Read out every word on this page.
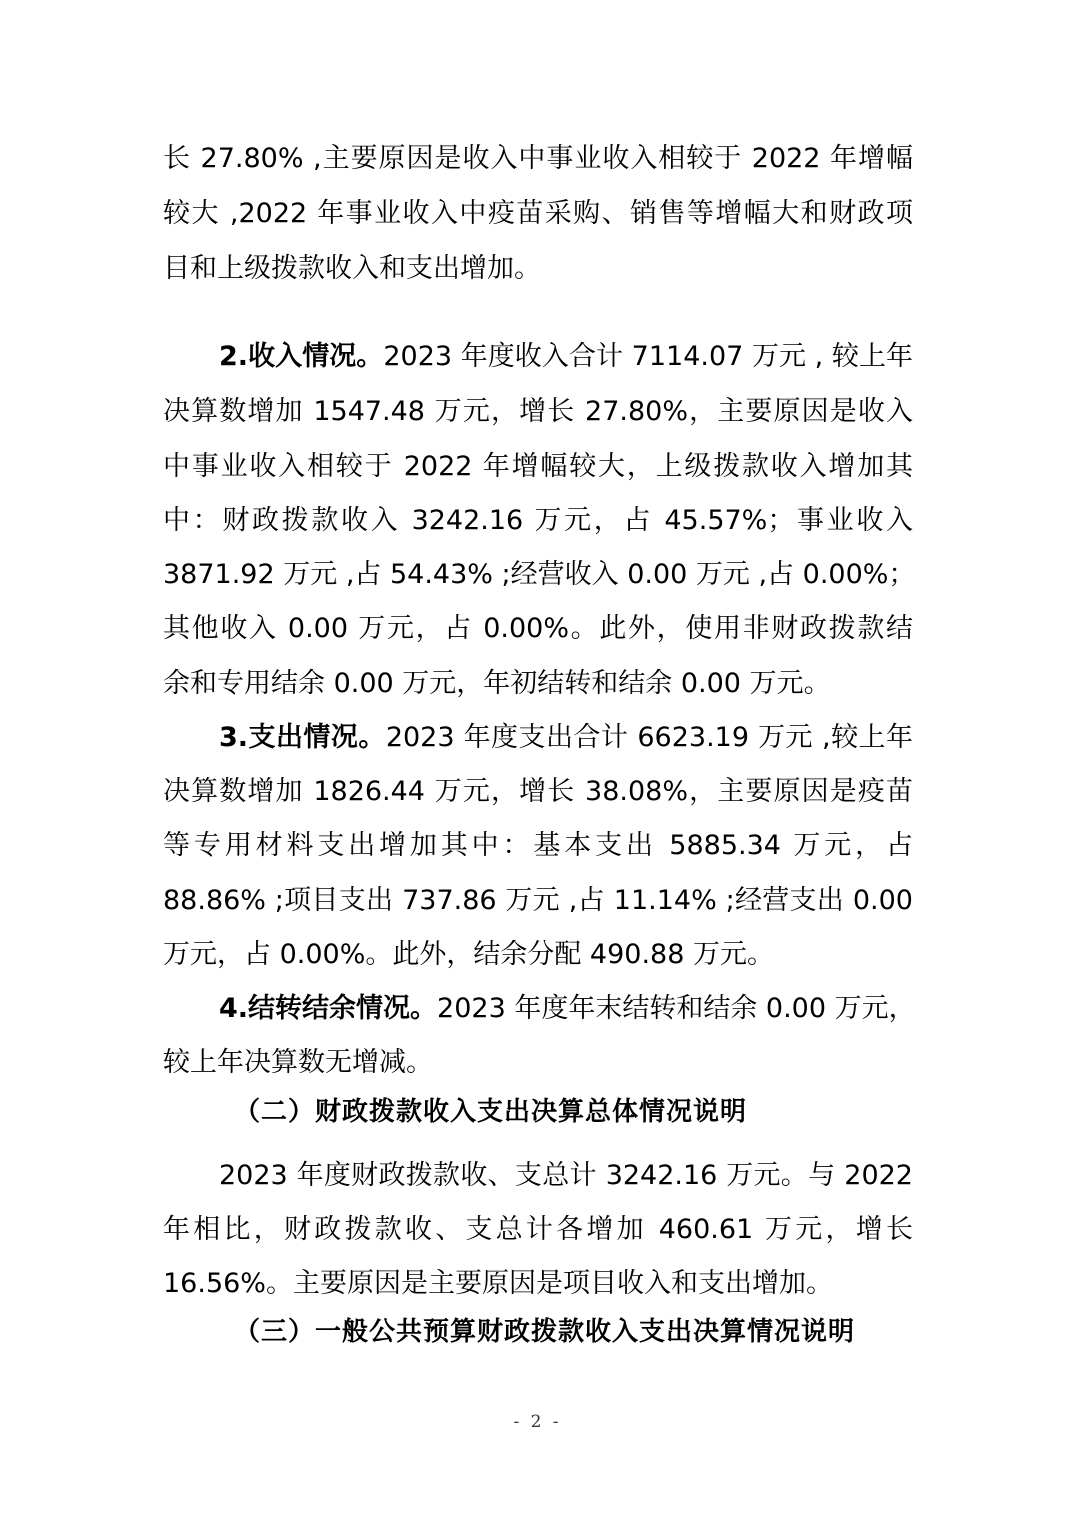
长 27.80% ,主要原因是收入中事业收入相较于 2022 年增幅
较大 ,2022 年事业收入中疫苗采购、销售等增幅大和财政项
目和上级拨款收入和支出增加。
2.收入情况。2023 年度收入合计 7114.07 万元 , 较上年
决算数增加 1547.48 万元，增长 27.80%，主要原因是收入
中事业收入相较于 2022 年增幅较大，上级拨款收入增加其
中：财政拨款收入 3242.16 万元，占 45.57%；事业收入
3871.92 万元 ,占 54.43% ;经营收入 0.00 万元 ,占 0.00%；
其他收入 0.00 万元，占 0.00%。此外，使用非财政拨款结
余和专用结余 0.00 万元，年初结转和结余 0.00 万元。
3.支出情况。2023 年度支出合计 6623.19 万元 ,较上年
决算数增加 1826.44 万元，增长 38.08%，主要原因是疫苗
等专用材料支出增加其中：基本支出 5885.34 万元，占
88.86% ;项目支出 737.86 万元 ,占 11.14% ;经营支出 0.00
万元，占 0.00%。此外，结余分配 490.88 万元。
4.结转结余情况。2023 年度年末结转和结余 0.00 万元，
较上年决算数无增减。
（二）财政拨款收入支出决算总体情况说明
2023 年度财政拨款收、支总计 3242.16 万元。与 2022
年相比，财政拨款收、支总计各增加 460.61 万元，增长
16.56%。主要原因是主要原因是项目收入和支出增加。
（三）一般公共预算财政拨款收入支出决算情况说明
- 2 -
